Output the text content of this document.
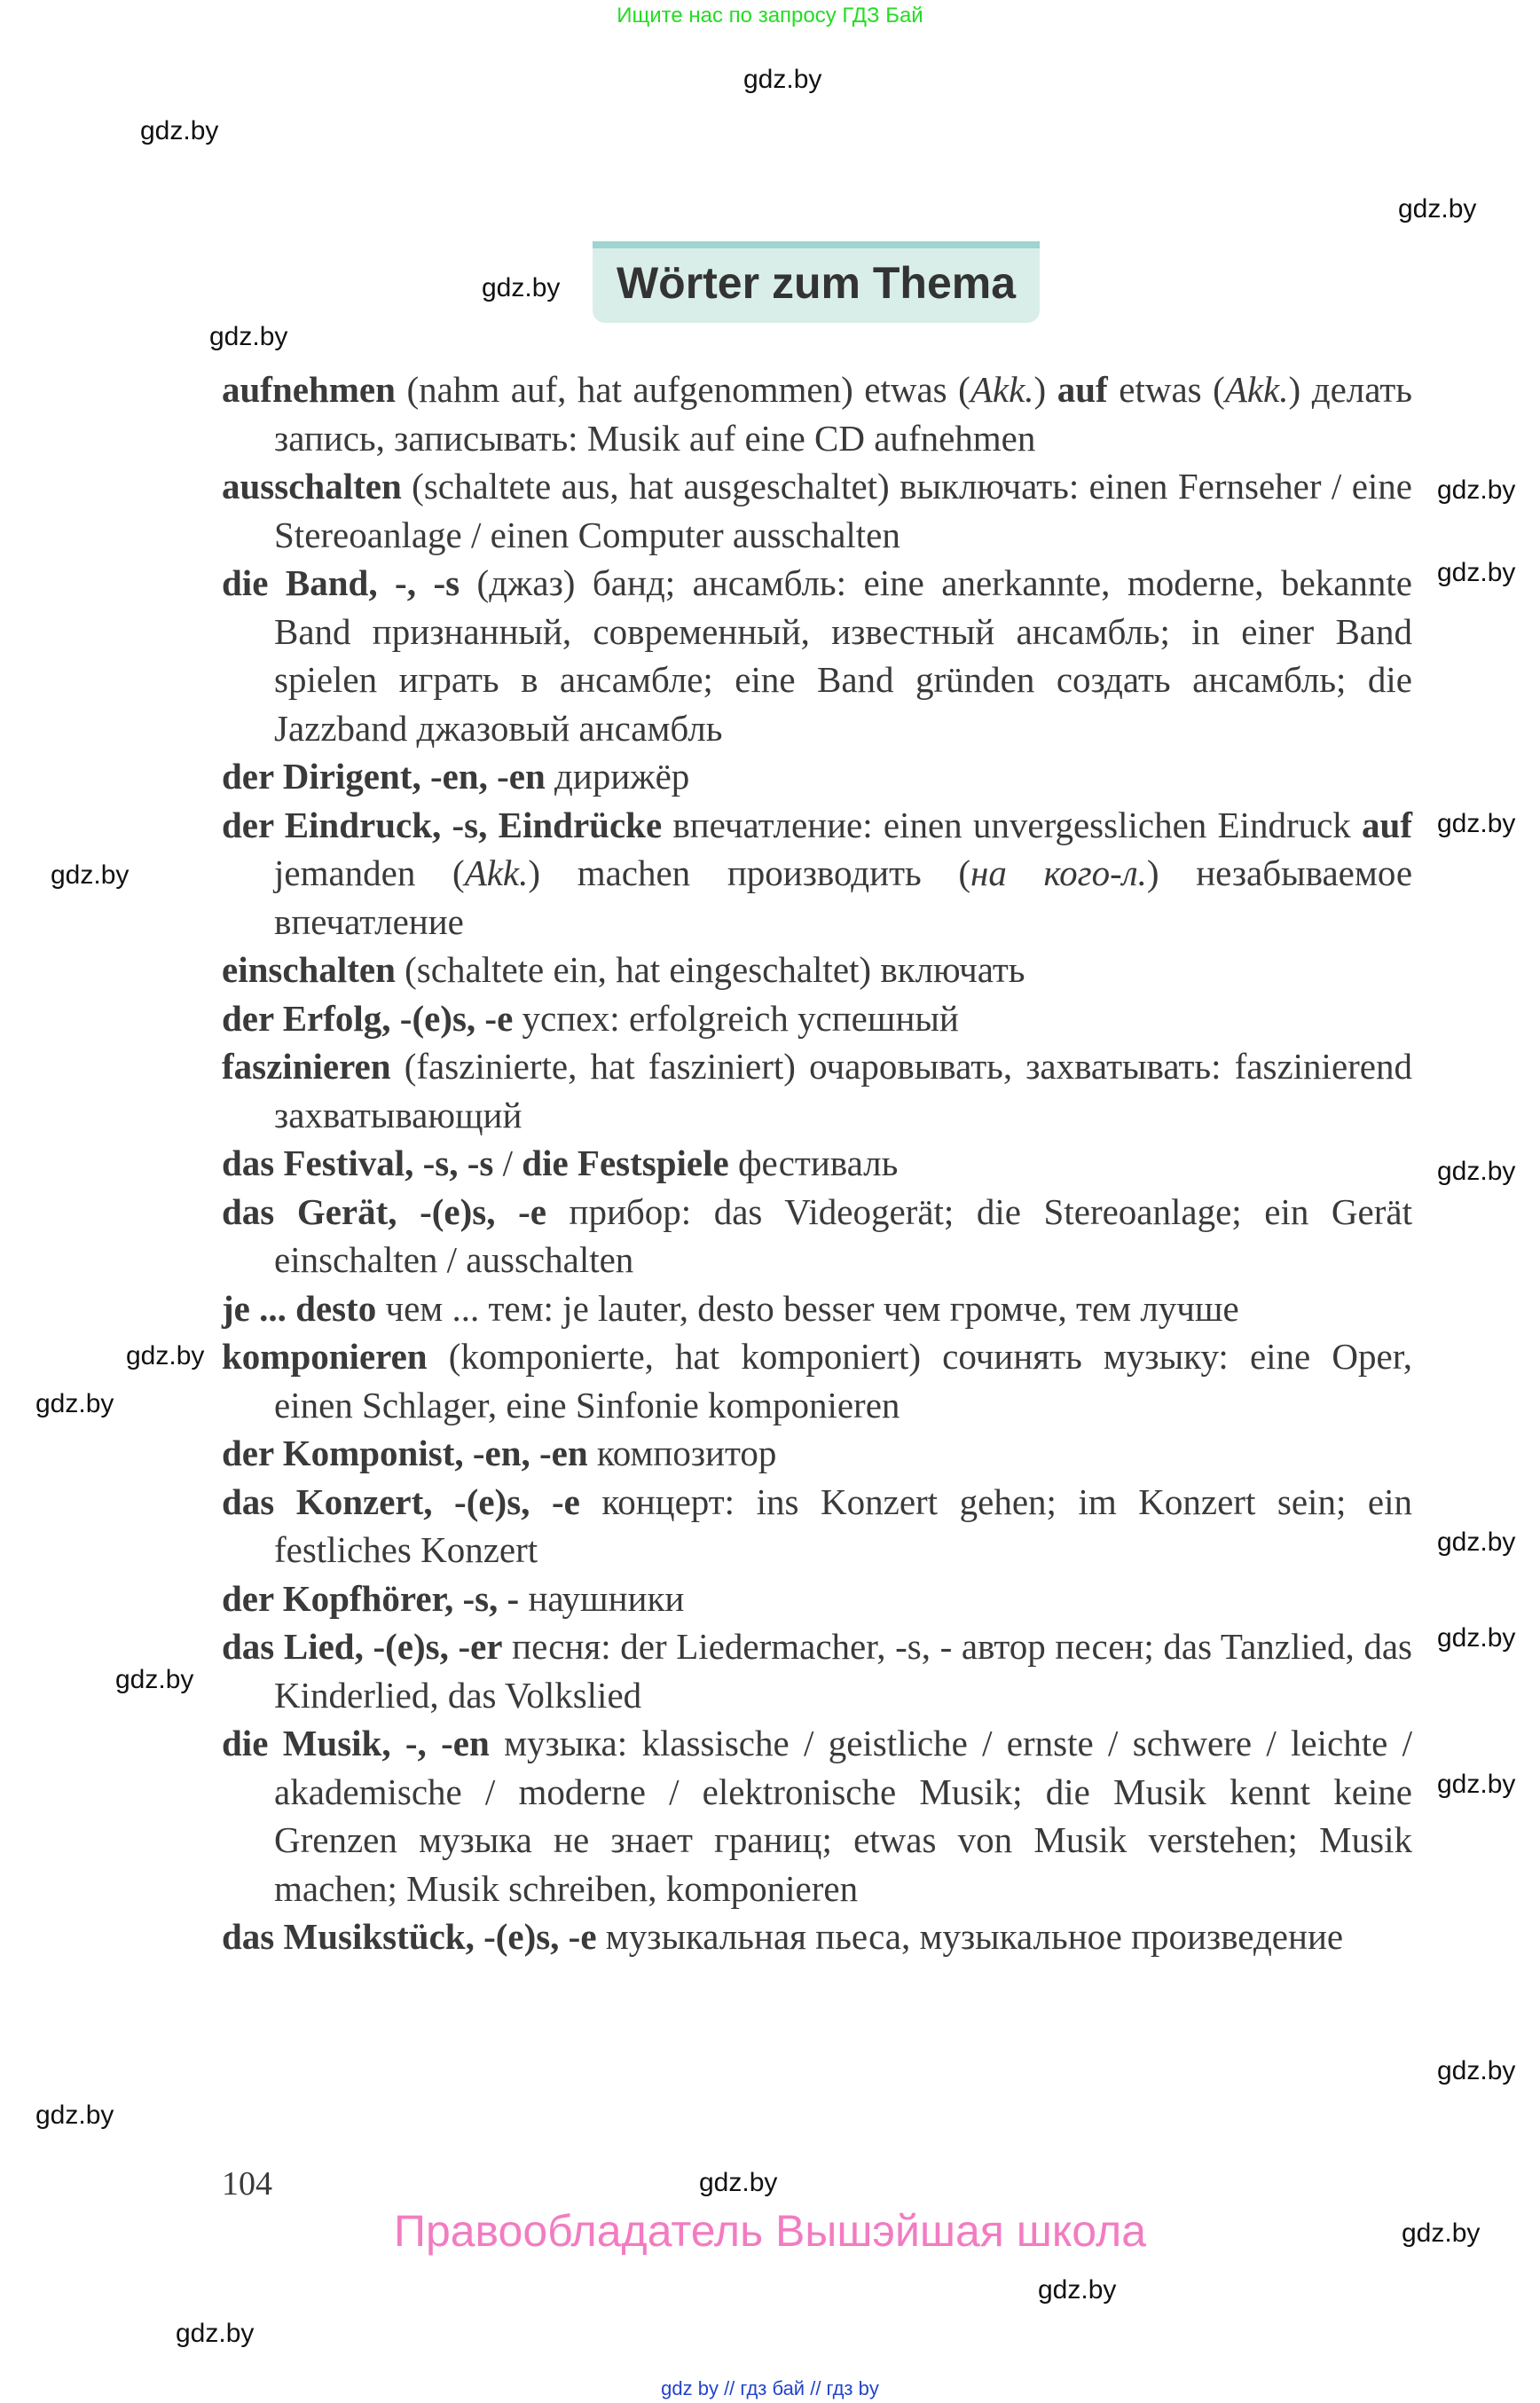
Ищите нас по запросу ГДЗ Бай
Wörter zum Thema
aufnehmen (nahm auf, hat aufgenommen) etwas (Akk.) auf etwas (Akk.) делать запись, записывать: Musik auf eine CD aufnehmen
ausschalten (schaltete aus, hat ausgeschaltet) выключать: einen Fernseher / eine Stereoanlage / einen Computer ausschalten
die Band, -, -s (джаз) банд; ансамбль: eine anerkannte, moderne, bekannte Band признанный, современный, известный ансамбль; in einer Band spielen играть в ансамбле; eine Band gründen создать ансамбль; die Jazzband джазовый ансамбль
der Dirigent, -en, -en дирижёр
der Eindruck, -s, Eindrücke впечатление: einen unvergesslichen Eindruck auf jemanden (Akk.) machen производить (на кого-л.) незабываемое впечатление
einschalten (schaltete ein, hat eingeschaltet) включать
der Erfolg, -(e)s, -e успех: erfolgreich успешный
faszinieren (faszinierte, hat fasziniert) очаровывать, захватывать: faszinierend захватывающий
das Festival, -s, -s / die Festspiele фестиваль
das Gerät, -(e)s, -e прибор: das Videogerät; die Stereoanlage; ein Gerät einschalten / ausschalten
je ... desto чем ... тем: je lauter, desto besser чем громче, тем лучше
komponieren (komponierte, hat komponiert) сочинять музыку: eine Oper, einen Schlager, eine Sinfonie komponieren
der Komponist, -en, -en композитор
das Konzert, -(e)s, -e концерт: ins Konzert gehen; im Konzert sein; ein festliches Konzert
der Kopfhörer, -s, - наушники
das Lied, -(e)s, -er песня: der Liedermacher, -s, - автор песен; das Tanzlied, das Kinderlied, das Volkslied
die Musik, -, -en музыка: klassische / geistliche / ernste / schwere / leichte / akademische / moderne / elektronische Musik; die Musik kennt keine Grenzen музыка не знает границ; etwas von Musik verstehen; Musik machen; Musik schreiben, komponieren
das Musikstück, -(e)s, -e музыкальная пьеса, музыкальное произведение
gdz.by
gdz.by
gdz.by
gdz.by
gdz.by
gdz.by
gdz.by
gdz.by
gdz.by
gdz.by
gdz.by
gdz.by
gdz.by
gdz.by
gdz.by
gdz.by
gdz.by
gdz.by
gdz.by
gdz.by
gdz.by
gdz.by
104
Правообладатель Вышэйшая школа
gdz by // гдз бай // гдз by
